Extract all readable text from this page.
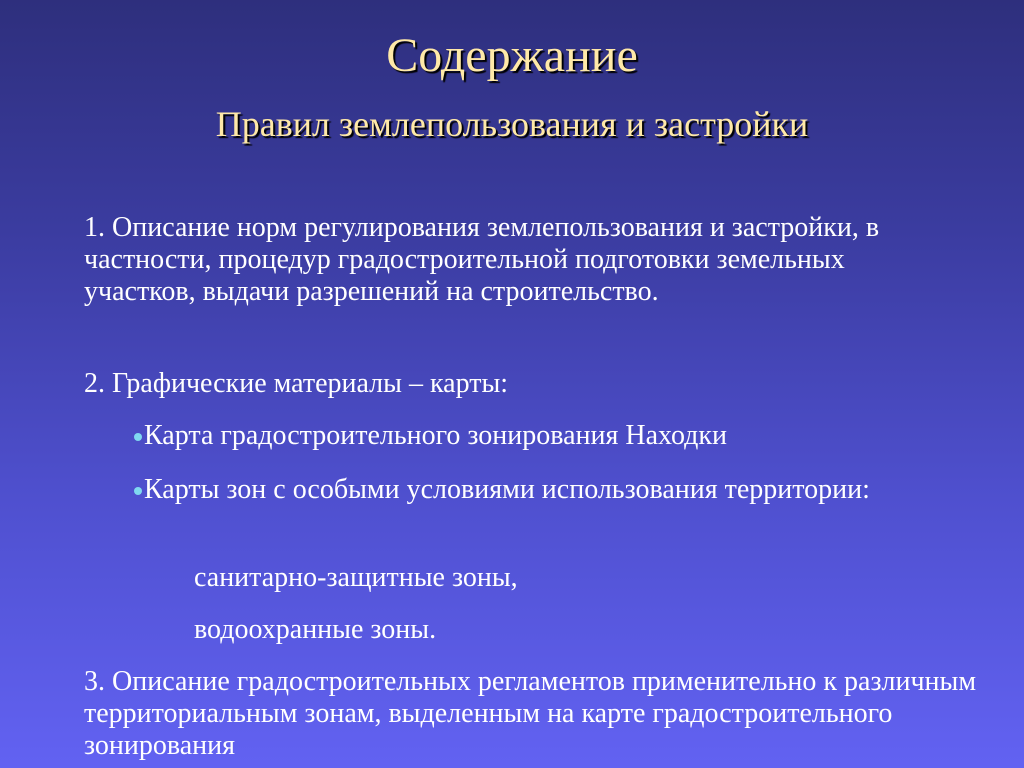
Содержание
Правил землепользования и застройки
1. Описание норм регулирования землепользования и застройки, в частности, процедур градостроительной подготовки земельных участков, выдачи разрешений на строительство.
2. Графические материалы – карты:
Карта градостроительного зонирования Находки
Карты зон с особыми условиями использования территории:
санитарно-защитные зоны,
водоохранные зоны.
3. Описание градостроительных регламентов применительно к различным территориальным зонам, выделенным на карте градостроительного зонирования
